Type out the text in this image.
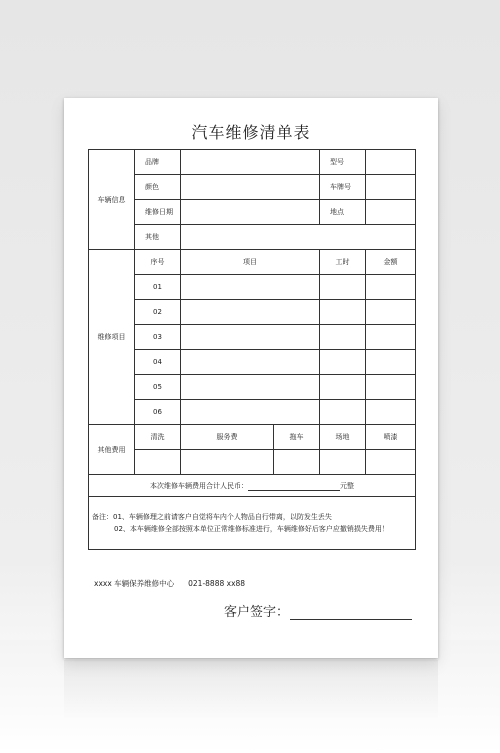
汽车维修清单表
车辆信息	品牌			型号	
	颜色			车牌号	
	维修日期			地点	
	其他				
维修项目	序号	项目		工时	金额
	01				
	02				
	03				
	04				
	05				
	06				
其他费用	清洗	服务费	拖车	场地	喷漆

本次维修车辆费用合计人民币： 元整					

备注：01、车辆修理之前请客户自觉将车内个人物品自行带离，以防发生丢失
02、本车辆维修全部按照本单位正常维修标准进行，车辆维修好后客户应撤销损失费用！					
xxxx 车辆保养维修中心 021-8888 xx88
客户签字：
